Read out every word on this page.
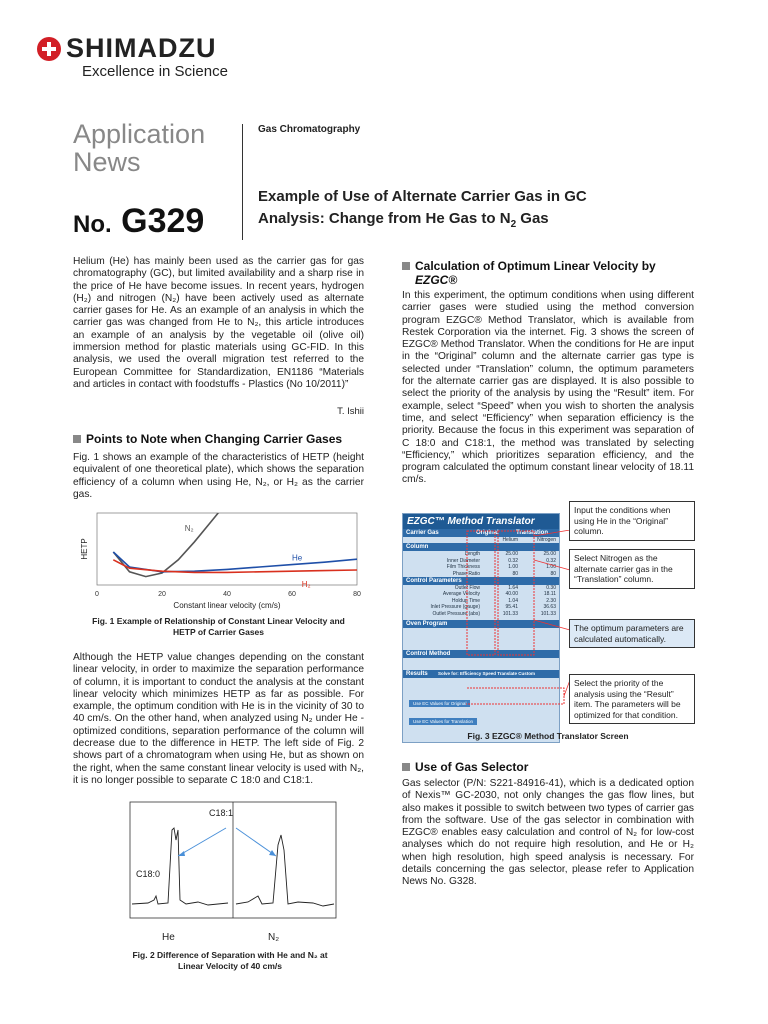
SHIMADZU
Excellence in Science
Application
News
No. G329
Gas Chromatography
Example of Use of Alternate Carrier Gas in GC
Analysis: Change from He Gas to $N_2$ Gas
Helium (He) has mainly been used as the carrier gas for gas chromatography (GC), but limited availability and a sharp rise in the price of He have become issues. In recent years, hydrogen (H₂) and nitrogen (N₂) have been actively used as alternate carrier gases for He. As an example of an analysis in which the carrier gas was changed from He to N₂, this article introduces an example of an analysis by the vegetable oil (olive oil) immersion method for plastic materials using GC-FID. In this analysis, we used the overall migration test referred to the European Committee for Standardization, EN1186 “Materials and articles in contact with foodstuffs - Plastics (No 10/2011)”
T. Ishii
Points to Note when Changing Carrier Gases
Fig. 1 shows an example of the characteristics of HETP (height equivalent of one theoretical plate), which shows the separation efficiency of a column when using He, N₂, or H₂ as the carrier gas.
0	20	40	60	80
Constant linear velocity (cm/s)
HETP
N₂
He
H₂
Fig. 1 Example of Relationship of Constant Linear Velocity and
HETP of Carrier Gases
Although the HETP value changes depending on the constant linear velocity, in order to maximize the separation performance of column, it is important to conduct the analysis at the constant linear velocity which minimizes HETP as far as possible. For example, the optimum condition with He is in the vicinity of 30 to 40 cm/s. On the other hand, when analyzed using N₂ under He - optimized conditions, separation performance of the column will decrease due to the difference in HETP. The left side of Fig. 2 shows part of a chromatogram when using He, but as shown on the right, when the same constant linear velocity is used with N₂, it is no longer possible to separate C 18:0 and C18:1.
C18:1
C18:0
He	N₂
Fig. 2 Difference of Separation with He and N₂ at
Linear Velocity of 40 cm/s
Calculation of Optimum Linear Velocity by
EZGC®
In this experiment, the optimum conditions when using different carrier gases were studied using the method conversion program EZGC® Method Translator, which is available from Restek Corporation via the internet. Fig. 3 shows the screen of EZGC® Method Translator. When the conditions for He are input in the “Original” column and the alternate carrier gas type is selected under “Translation” column, the optimum parameters for the alternate carrier gas are displayed. It is also possible to select the priority of the analysis by using the “Result” item. For example, select “Speed” when you wish to shorten the analysis time, and select “Efficiency” when separation efficiency is the priority. Because the focus in this experiment was separation of C 18:0 and C18:1, the method was translated by selecting “Efficiency,” which prioritizes separation efficiency, and the program calculated the optimum constant linear velocity of 18.11 cm/s.
EZGC™ Method Translator
Carrier Gas	Original	Translation
Helium	Nitrogen
Column
Length	25.00	25.00
Inner Diameter	0.32	0.32
Film Thickness	1.00	1.00
Phase Ratio	80	80
Control Parameters
Outlet Flow	1.64	0.30
Average Velocity	40.00	18.11
Holdup Time	1.04	2.30
Inlet Pressure (gauge)	95.41	36.63
Outlet Pressure (abs)	101.33	101.33
Oven Program
Control Method
Results	Solve for: Efficiency Speed Translate Custom
Use EC Values for Original Use EC Values for Translation
Input the conditions when using He in the “Original” column.
Select Nitrogen as the alternate carrier gas in the “Translation” column.
The optimum parameters are calculated automatically.
Select the priority of the analysis using the “Result” item. The parameters will be optimized for that condition.
Fig. 3 EZGC® Method Translator Screen
Use of Gas Selector
Gas selector (P/N: S221-84916-41), which is a dedicated option of Nexis™ GC-2030, not only changes the gas flow lines, but also makes it possible to switch between two types of carrier gas from the software. Use of the gas selector in combination with EZGC® enables easy calculation and control of N₂ for low-cost analyses which do not require high resolution, and He or H₂ when high resolution, high speed analysis is necessary. For details concerning the gas selector, please refer to Application News No. G328.
